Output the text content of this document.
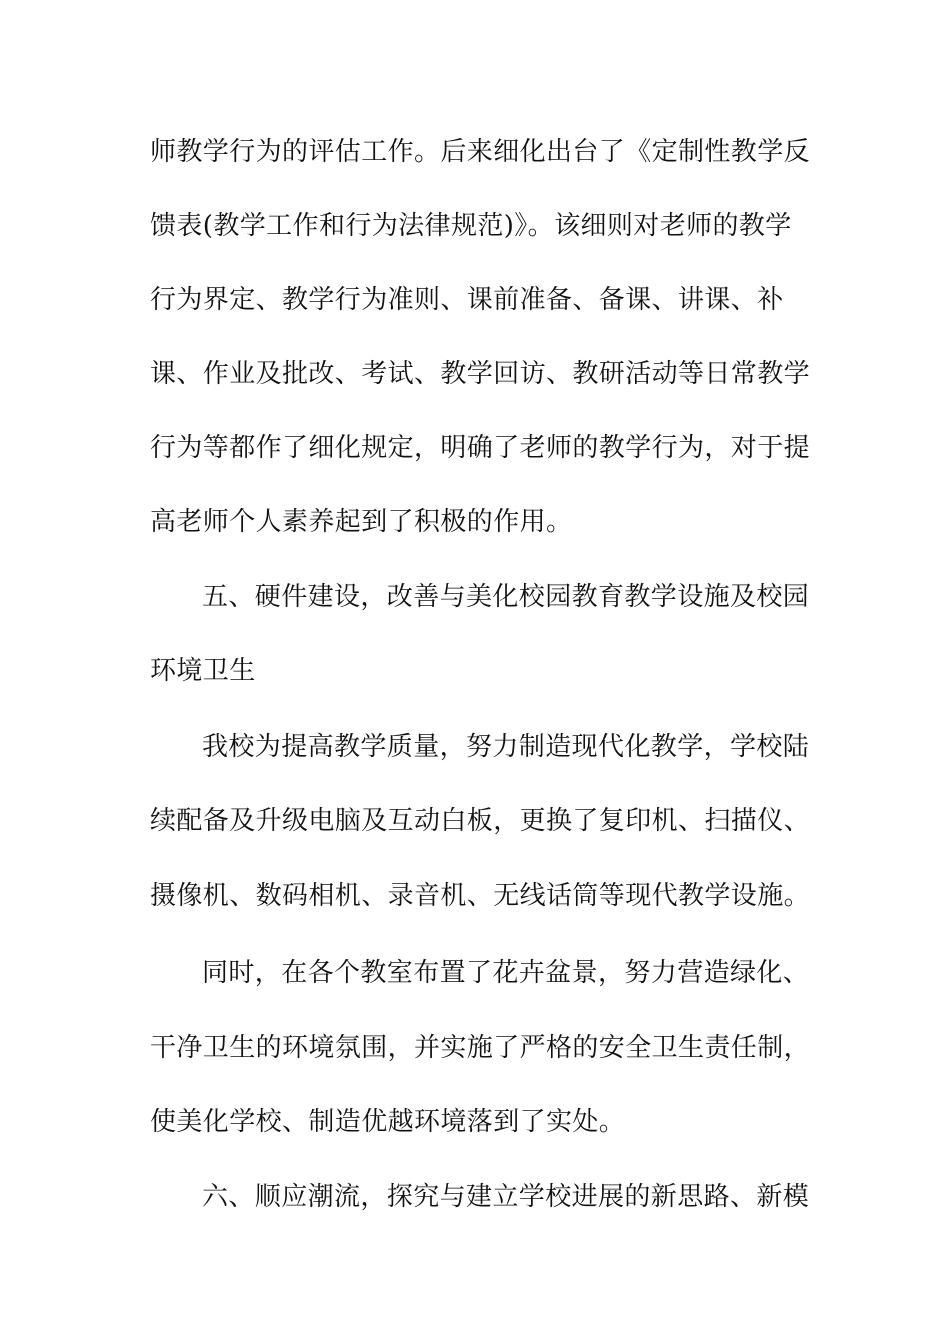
师教学行为的评估工作。后来细化出台了《定制性教学反
馈表(教学工作和行为法律规范)》。该细则对老师的教学
行为界定、教学行为准则、课前准备、备课、讲课、补
课、作业及批改、考试、教学回访、教研活动等日常教学
行为等都作了细化规定，明确了老师的教学行为，对于提
高老师个人素养起到了积极的作用。
五、硬件建设，改善与美化校园教育教学设施及校园
环境卫生
我校为提高教学质量，努力制造现代化教学，学校陆
续配备及升级电脑及互动白板，更换了复印机、扫描仪、
摄像机、数码相机、录音机、无线话筒等现代教学设施。
同时，在各个教室布置了花卉盆景，努力营造绿化、
干净卫生的环境氛围，并实施了严格的安全卫生责任制，
使美化学校、制造优越环境落到了实处。
六、顺应潮流，探究与建立学校进展的新思路、新模
